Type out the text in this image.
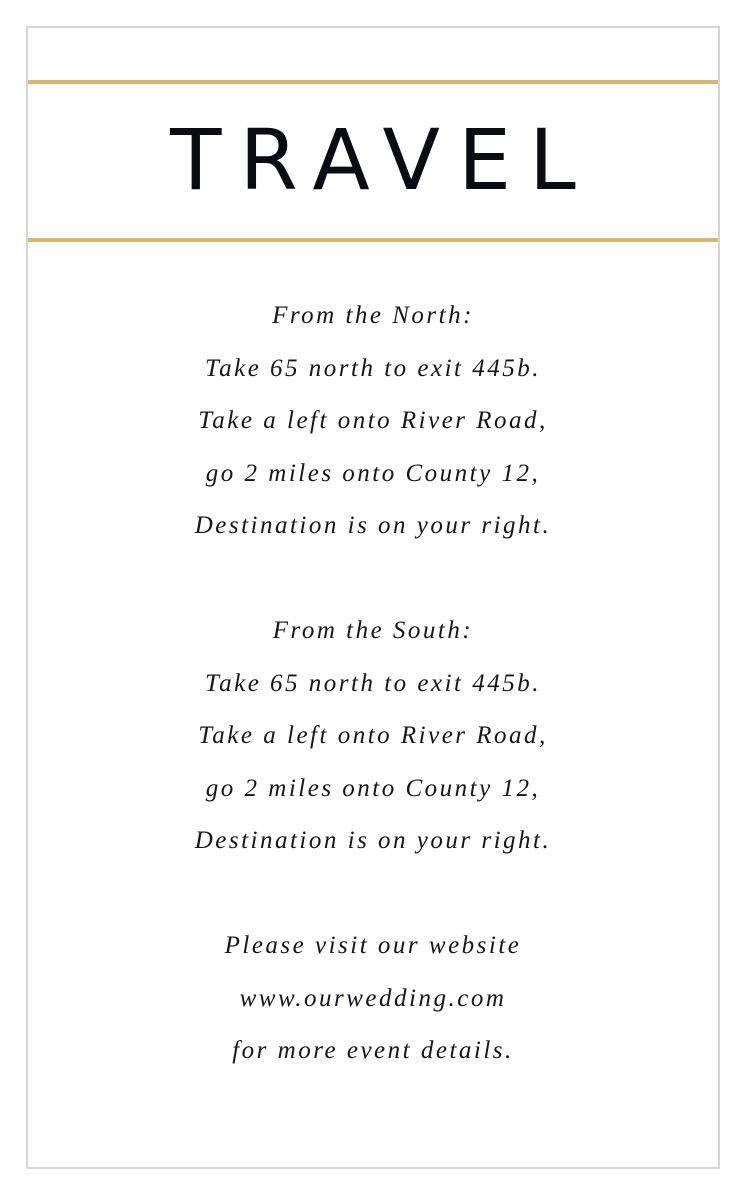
TRAVEL
From the North:
Take 65 north to exit 445b.
Take a left onto River Road,
go 2 miles onto County 12,
Destination is on your right.
From the South:
Take 65 north to exit 445b.
Take a left onto River Road,
go 2 miles onto County 12,
Destination is on your right.
Please visit our website
www.ourwedding.com
for more event details.
